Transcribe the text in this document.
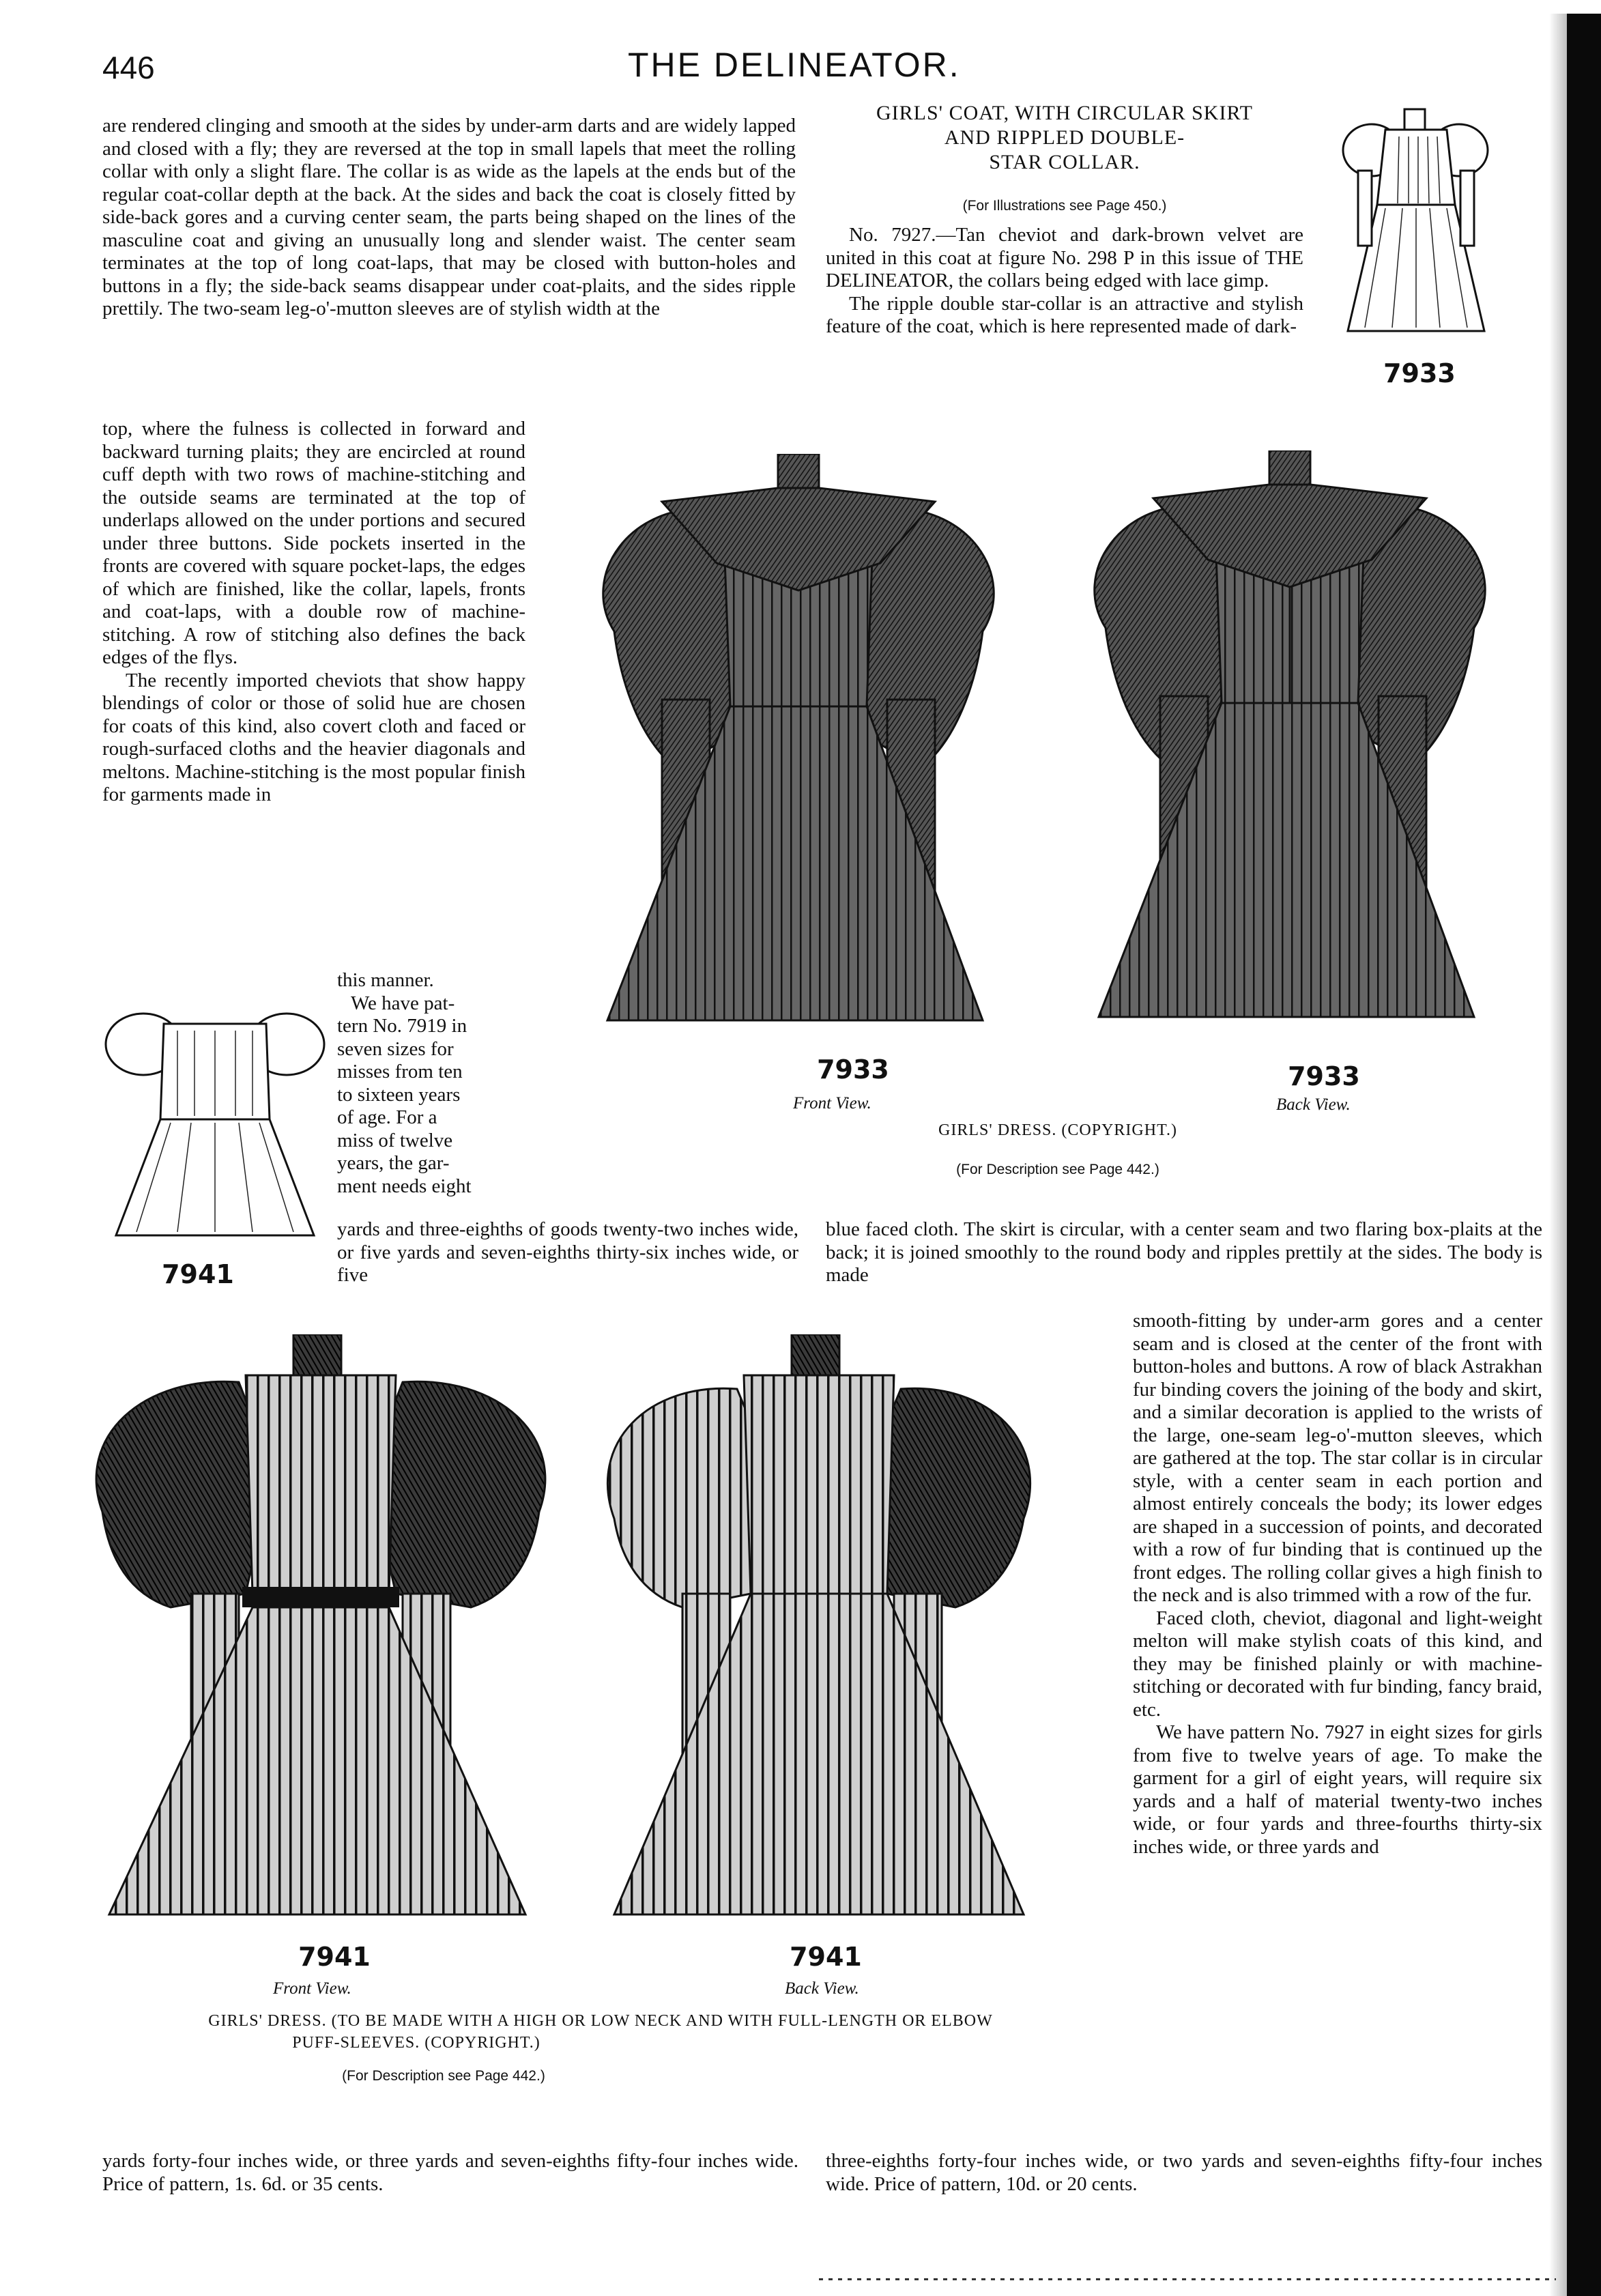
446	THE DELINEATOR.

are rendered clinging and smooth at the sides by under-arm darts and are widely lapped and closed with a fly; they are reversed at the top in small lapels that meet the rolling collar with only a slight flare. The collar is as wide as the lapels at the ends but of the regular coat-collar depth at the back. At the sides and back the coat is closely fitted by side-back gores and a curving center seam, the parts being shaped on the lines of the masculine coat and giving an unusually long and slender waist. The center seam terminates at the top of long coat-laps, that may be closed with button-holes and buttons in a fly; the side-back seams disappear under coat-plaits, and the sides ripple prettily. The two-seam leg-o'-mutton sleeves are of stylish width at the

top, where the fulness is collected in forward and backward turning plaits; they are encircled at round cuff depth with two rows of machine-stitching and the outside seams are terminated at the top of underlaps allowed on the under portions and secured under three buttons. Side pockets inserted in the fronts are covered with square pocket-laps, the edges of which are finished, like the collar, lapels, fronts and coat-laps, with a double row of machine-stitching. A row of stitching also defines the back edges of the flys.

The recently imported cheviots that show happy blendings of color or those of solid hue are chosen for coats of this kind, also covert cloth and faced or rough-surfaced cloths and the heavier diagonals and meltons. Machine-stitching is the most popular finish for garments made in

this manner.

We have pat-

tern No. 7919 in

seven sizes for

misses from ten

to sixteen years

of age. For a

miss of twelve

years, the gar-

ment needs eight

yards and three-eighths of goods twenty-two inches wide, or five yards and seven-eighths thirty-six inches wide, or five

yards forty-four inches wide, or three yards and seven-eighths fifty-four inches wide. Price of pattern, 1s. 6d. or 35 cents.

GIRLS' COAT, WITH CIRCULAR SKIRT
AND RIPPLED DOUBLE-
STAR COLLAR.
(For Illustrations see Page 450.)

No. 7927.—Tan cheviot and dark-brown velvet are united in this coat at figure No. 298 P in this issue of THE DELINEATOR, the collars being edged with lace gimp.

The ripple double star-collar is an attractive and stylish feature of the coat, which is here represented made of dark-

7933
7933
Front View.
7933
Back View.
GIRLS' DRESS. (COPYRIGHT.)
(For Description see Page 442.)
7941

blue faced cloth. The skirt is circular, with a center seam and two flaring box-plaits at the back; it is joined smoothly to the round body and ripples prettily at the sides. The body is made

smooth-fitting by under-arm gores and a center seam and is closed at the center of the front with button-holes and buttons. A row of black Astrakhan fur binding covers the joining of the body and skirt, and a similar decoration is applied to the wrists of the large, one-seam leg-o'-mutton sleeves, which are gathered at the top. The star collar is in circular style, with a center seam in each portion and almost entirely conceals the body; its lower edges are shaped in a succession of points, and decorated with a row of fur binding that is continued up the front edges. The rolling collar gives a high finish to the neck and is also trimmed with a row of the fur.

Faced cloth, cheviot, diagonal and light-weight melton will make stylish coats of this kind, and they may be finished plainly or with machine-stitching or decorated with fur binding, fancy braid, etc.

We have pattern No. 7927 in eight sizes for girls from five to twelve years of age. To make the garment for a girl of eight years, will require six yards and a half of material twenty-two inches wide, or four yards and three-fourths thirty-six inches wide, or three yards and

three-eighths forty-four inches wide, or two yards and seven-eighths fifty-four inches wide. Price of pattern, 10d. or 20 cents.

7941
Front View.
7941
Back View.
GIRLS' DRESS. (TO BE MADE WITH A HIGH OR LOW NECK AND WITH FULL-LENGTH OR ELBOW
PUFF-SLEEVES. (COPYRIGHT.)
(For Description see Page 442.)
